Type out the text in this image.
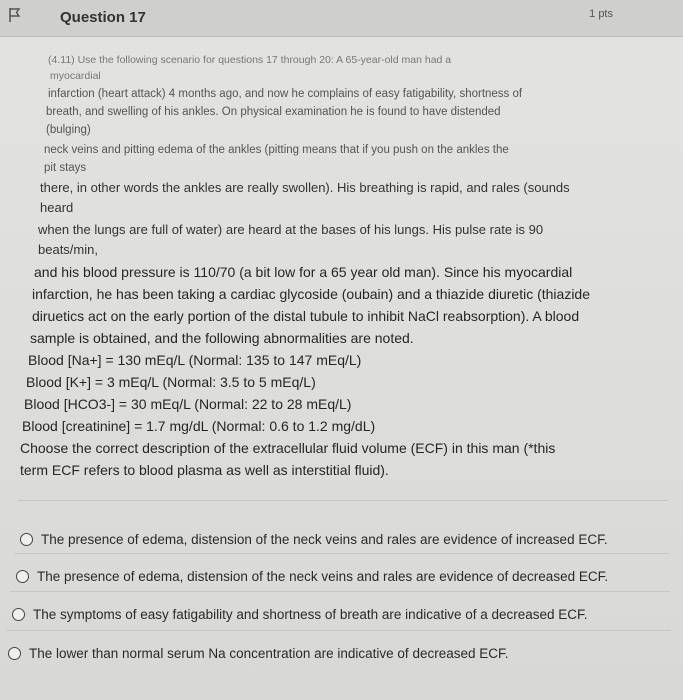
Question 17	1 pts
(4.11) Use the following scenario for questions 17 through 20: A 65-year-old man had a
myocardial
infarction (heart attack) 4 months ago, and now he complains of easy fatigability, shortness of
breath, and swelling of his ankles. On physical examination he is found to have distended
(bulging)
neck veins and pitting edema of the ankles (pitting means that if you push on the ankles the
pit stays
there, in other words the ankles are really swollen). His breathing is rapid, and rales (sounds
heard
when the lungs are full of water) are heard at the bases of his lungs. His pulse rate is 90
beats/min,
and his blood pressure is 110/70 (a bit low for a 65 year old man). Since his myocardial
infarction, he has been taking a cardiac glycoside (oubain) and a thiazide diuretic (thiazide
diruetics act on the early portion of the distal tubule to inhibit NaCl reabsorption). A blood
sample is obtained, and the following abnormalities are noted.
Blood [Na+] = 130 mEq/L (Normal: 135 to 147 mEq/L)
Blood [K+] = 3 mEq/L (Normal: 3.5 to 5 mEq/L)
Blood [HCO3-] = 30 mEq/L (Normal: 22 to 28 mEq/L)
Blood [creatinine] = 1.7 mg/dL (Normal: 0.6 to 1.2 mg/dL)
Choose the correct description of the extracellular fluid volume (ECF) in this man (*this
term ECF refers to blood plasma as well as interstitial fluid).
The presence of edema, distension of the neck veins and rales are evidence of increased ECF.
The presence of edema, distension of the neck veins and rales are evidence of decreased ECF.
The symptoms of easy fatigability and shortness of breath are indicative of a decreased ECF.
The lower than normal serum Na concentration are indicative of decreased ECF.
